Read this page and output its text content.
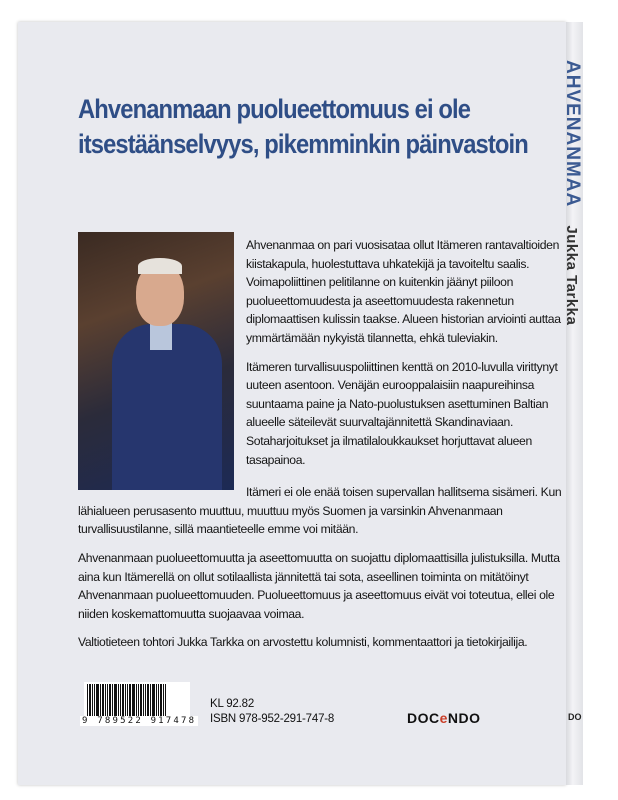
AHVENANMAA Jukka Tarkka
DO
Ahvenanmaan puolueettomuus ei ole itsestäänselvyys, pikemminkin päinvastoin

Ahvenanmaa on pari vuosisataa ollut Itämeren rantavaltioiden kiistakapula, huolestuttava uhkatekijä ja tavoiteltu saalis. Voimapoliittinen pelitilanne on kuitenkin jäänyt piiloon puolueettomuudesta ja aseettomuudesta rakennetun diplomaattisen kulissin taakse. Alueen historian arviointi auttaa ymmärtämään nykyistä tilannetta, ehkä tuleviakin.

Itämeren turvallisuuspoliittinen kenttä on 2010-luvulla virittynyt uuteen asentoon. Venäjän eurooppalaisiin naapureihinsa suuntaama paine ja Nato-puolustuksen asettuminen Baltian alueelle säteilevät suurvaltajännitettä Skandinaviaan. Sotaharjoitukset ja ilmatilaloukkaukset horjuttavat alueen tasapainoa.

Itämeri ei ole enää toisen supervallan hallitsema sisämeri. Kun lähialueen perusasento muuttuu, muuttuu myös Suomen ja varsinkin Ahvenanmaan turvallisuustilanne, sillä maantieteelle emme voi mitään.

Ahvenanmaan puolueettomuutta ja aseettomuutta on suojattu diplomaattisilla julistuksilla. Mutta aina kun Itämerellä on ollut sotilaallista jännitettä tai sota, aseellinen toiminta on mitätöinyt Ahvenanmaan puolueettomuuden. Puolueettomuus ja aseettomuus eivät voi toteutua, ellei ole niiden koskemattomuutta suojaavaa voimaa.

Valtiotieteen tohtori Jukka Tarkka on arvostettu kolumnisti, kommentaattori ja tietokirjailija.

9 789522 917478
KL 92.82
ISBN 978-952-291-747-8	DOCeNDO
